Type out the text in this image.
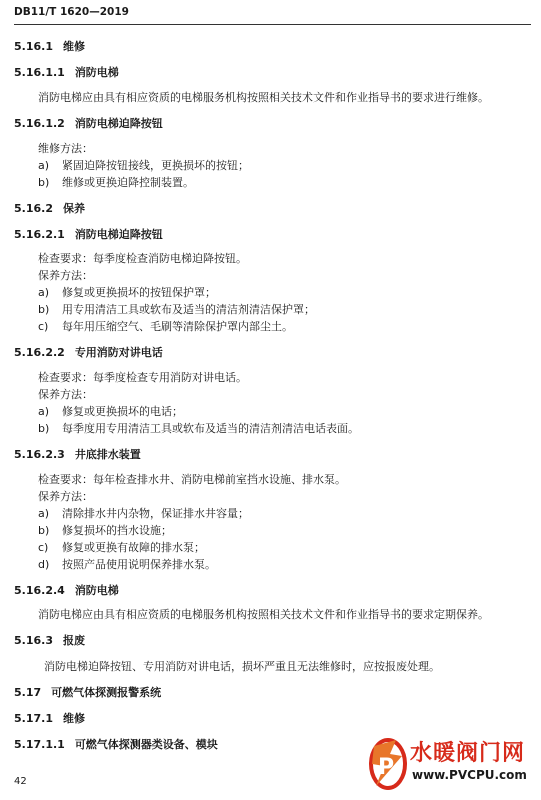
DB11/T 1620—2019
5.16.1 维修
5.16.1.1 消防电梯
消防电梯应由具有相应资质的电梯服务机构按照相关技术文件和作业指导书的要求进行维修。
5.16.1.2 消防电梯迫降按钮
维修方法：
a) 紧固迫降按钮接线，更换损坏的按钮；
b) 维修或更换迫降控制装置。
5.16.2 保养
5.16.2.1 消防电梯迫降按钮
检查要求：每季度检查消防电梯迫降按钮。
保养方法：
a) 修复或更换损坏的按钮保护罩；
b) 用专用清洁工具或软布及适当的清洁剂清洁保护罩；
c) 每年用压缩空气、毛刷等清除保护罩内部尘土。
5.16.2.2 专用消防对讲电话
检查要求：每季度检查专用消防对讲电话。
保养方法：
a) 修复或更换损坏的电话；
b) 每季度用专用清洁工具或软布及适当的清洁剂清洁电话表面。
5.16.2.3 井底排水装置
检查要求：每年检查排水井、消防电梯前室挡水设施、排水泵。
保养方法：
a) 清除排水井内杂物，保证排水井容量；
b) 修复损坏的挡水设施；
c) 修复或更换有故障的排水泵；
d) 按照产品使用说明保养排水泵。
5.16.2.4 消防电梯
消防电梯应由具有相应资质的电梯服务机构按照相关技术文件和作业指导书的要求定期保养。
5.16.3 报废
消防电梯迫降按钮、专用消防对讲电话，损坏严重且无法维修时，应按报废处理。
5.17 可燃气体探测报警系统
5.17.1 维修
5.17.1.1 可燃气体探测器类设备、模块
42
P
水暖阀门网
www.PVCPU.com
